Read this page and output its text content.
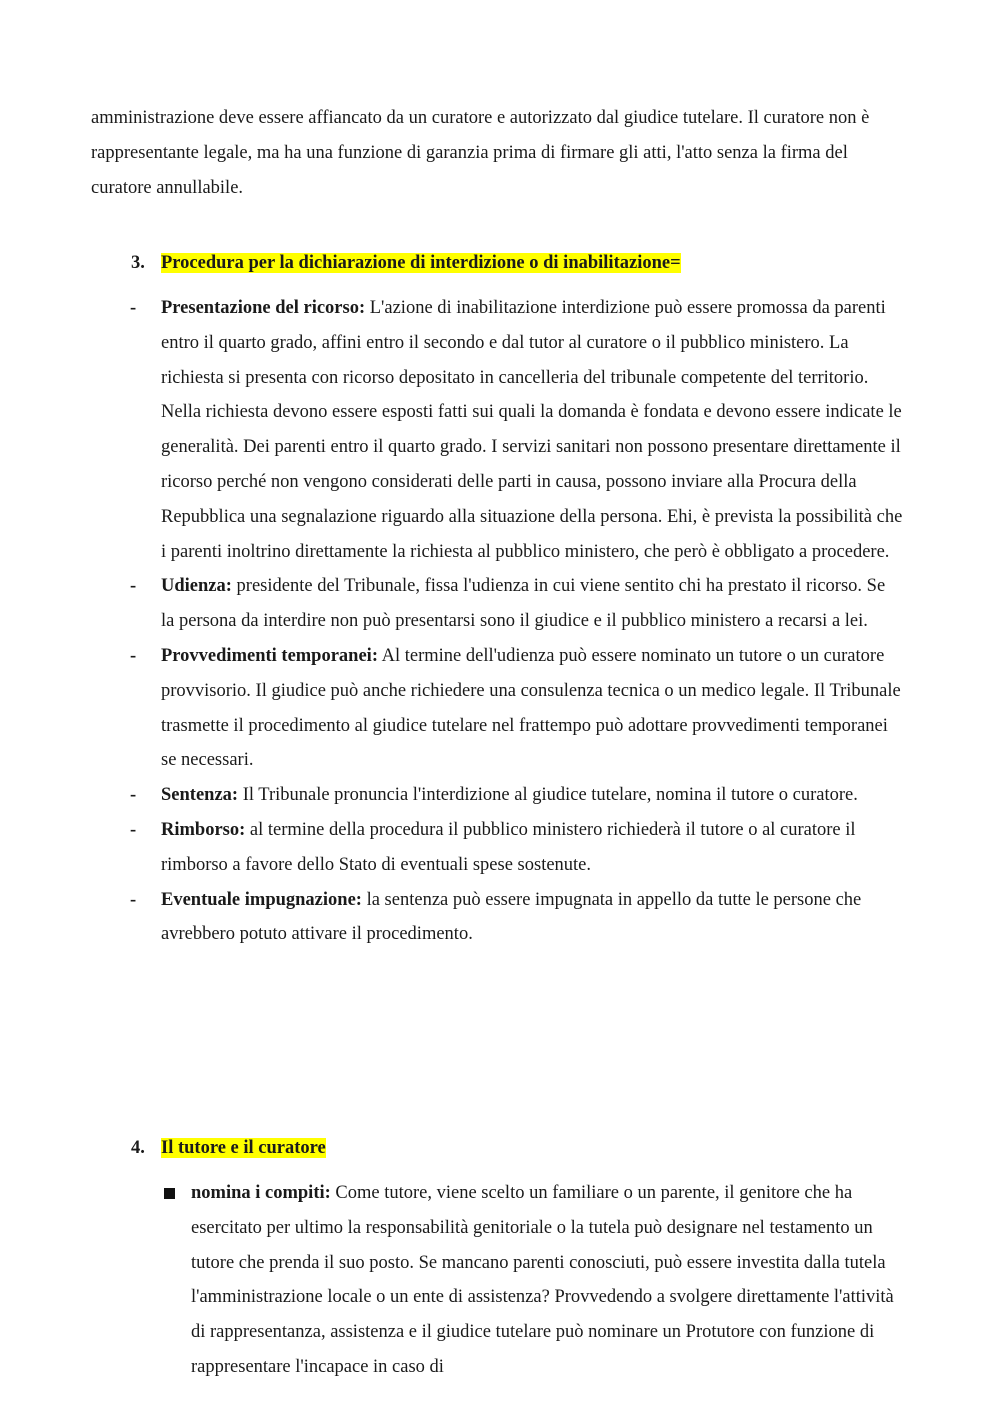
amministrazione deve essere affiancato da un curatore e autorizzato dal giudice tutelare. Il curatore non è rappresentante legale, ma ha una funzione di garanzia prima di firmare gli atti, l'atto senza la firma del curatore annullabile.

3. Procedura per la dichiarazione di interdizione o di inabilitazione=

- Presentazione del ricorso: L'azione di inabilitazione interdizione può essere promossa da parenti entro il quarto grado, affini entro il secondo e dal tutor al curatore o il pubblico ministero. La richiesta si presenta con ricorso depositato in cancelleria del tribunale competente del territorio. Nella richiesta devono essere esposti fatti sui quali la domanda è fondata e devono essere indicate le generalità. Dei parenti entro il quarto grado. I servizi sanitari non possono presentare direttamente il ricorso perché non vengono considerati delle parti in causa, possono inviare alla Procura della Repubblica una segnalazione riguardo alla situazione della persona. Ehi, è prevista la possibilità che i parenti inoltrino direttamente la richiesta al pubblico ministero, che però è obbligato a procedere.
- Udienza: presidente del Tribunale, fissa l'udienza in cui viene sentito chi ha prestato il ricorso. Se la persona da interdire non può presentarsi sono il giudice e il pubblico ministero a recarsi a lei.
- Provvedimenti temporanei: Al termine dell'udienza può essere nominato un tutore o un curatore provvisorio. Il giudice può anche richiedere una consulenza tecnica o un medico legale. Il Tribunale trasmette il procedimento al giudice tutelare nel frattempo può adottare provvedimenti temporanei se necessari.
- Sentenza: Il Tribunale pronuncia l'interdizione al giudice tutelare, nomina il tutore o curatore.
- Rimborso: al termine della procedura il pubblico ministero richiederà il tutore o al curatore il rimborso a favore dello Stato di eventuali spese sostenute.
- Eventuale impugnazione: la sentenza può essere impugnata in appello da tutte le persone che avrebbero potuto attivare il procedimento.

4. Il tutore e il curatore

nomina i compiti: Come tutore, viene scelto un familiare o un parente, il genitore che ha esercitato per ultimo la responsabilità genitoriale o la tutela può designare nel testamento un tutore che prenda il suo posto. Se mancano parenti conosciuti, può essere investita dalla tutela l'amministrazione locale o un ente di assistenza? Provvedendo a svolgere direttamente l'attività di rappresentanza, assistenza e il giudice tutelare può nominare un Protutore con funzione di rappresentare l'incapace in caso di
